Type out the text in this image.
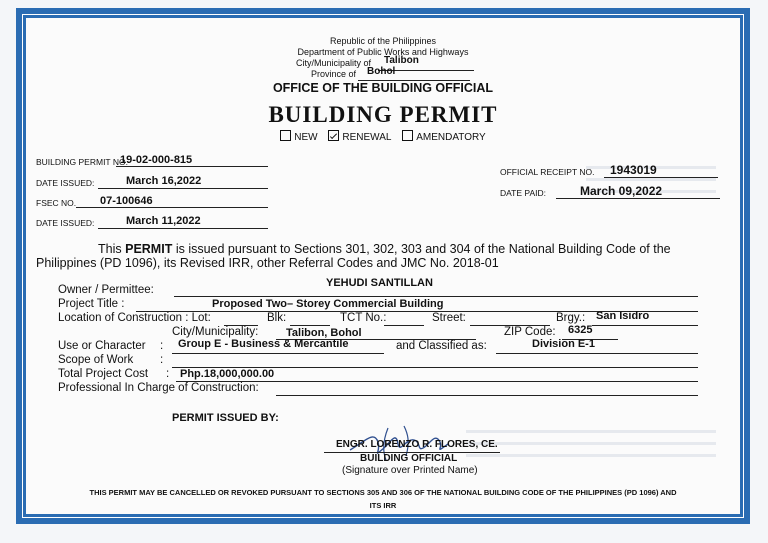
Republic of the Philippines
Department of Public Works and Highways
City/Municipality of Talibon
Province of Bohol
OFFICE OF THE BUILDING OFFICIAL
BUILDING PERMIT
NEW RENEWAL AMENDATORY
BUILDING PERMIT NO.
19-02-000-815
DATE ISSUED:	March 16,2022
FSEC NO. 07-100646
DATE ISSUED:	March 11,2022
OFFICIAL RECEIPT NO. 1943019
DATE PAID:	March 09,2022
This PERMIT is issued pursuant to Sections 301, 302, 303 and 304 of the National Building Code of the
Philippines (PD 1096), its Revised IRR, other Referral Codes and JMC No. 2018-01
Owner / Permittee:
YEHUDI SANTILLAN
Project Title :	Proposed Two– Storey Commercial Building
Location of Construction : Lot:	Blk:	TCT No.:	Street:	Brgy.: San Isidro
City/Municipality:	Talibon, Bohol	ZIP Code: 6325
Use or Character : Group E - Business & Mercantile	and Classified as:	Division E-1
Scope of Work :
Total Project Cost : Php.18,000,000.00
Professional In Charge of Construction:
PERMIT ISSUED BY:
ENGR. LORENZO R. FLORES, CE.
BUILDING OFFICIAL
(Signature over Printed Name)
THIS PERMIT MAY BE CANCELLED OR REVOKED PURSUANT TO SECTIONS 305 AND 306 OF THE NATIONAL BUILDING CODE OF THE PHILIPPINES (PD 1096) AND
ITS IRR
